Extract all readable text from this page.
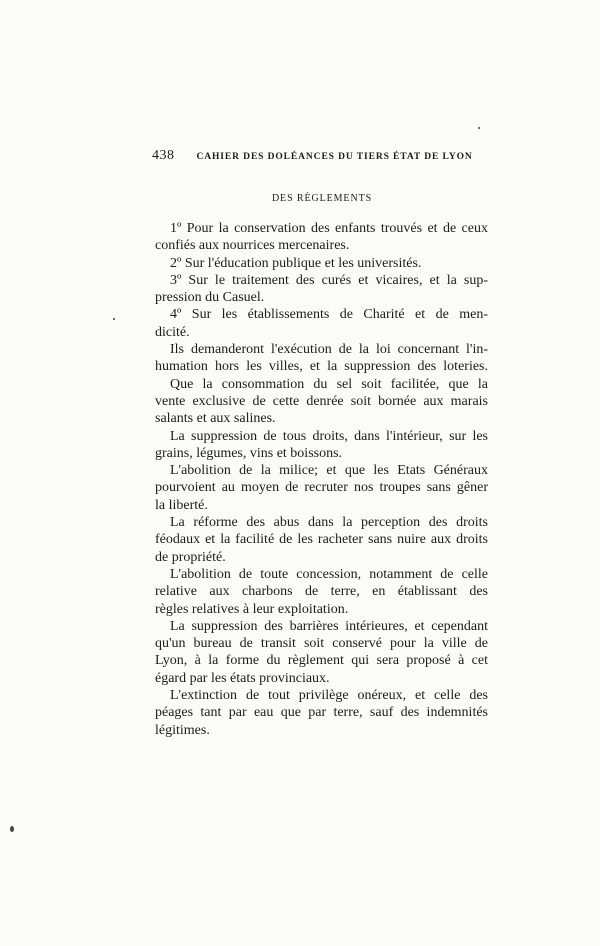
438 CAHIER DES DOLÉANCES DU TIERS ÉTAT DE LYON
DES RÈGLEMENTS
1º Pour la conservation des enfants trouvés et de ceux
confiés aux nourrices mercenaires.
2º Sur l'éducation publique et les universités.
3º Sur le traitement des curés et vicaires, et la sup-
pression du Casuel.
4º Sur les établissements de Charité et de men-
dicité.
Ils demanderont l'exécution de la loi concernant l'in-
humation hors les villes, et la suppression des loteries.
Que la consommation du sel soit facilitée, que la
vente exclusive de cette denrée soit bornée aux marais
salants et aux salines.
La suppression de tous droits, dans l'intérieur, sur les
grains, légumes, vins et boissons.
L'abolition de la milice; et que les Etats Généraux
pourvoient au moyen de recruter nos troupes sans gêner
la liberté.
La réforme des abus dans la perception des droits
féodaux et la facilité de les racheter sans nuire aux droits
de propriété.
L'abolition de toute concession, notamment de celle
relative aux charbons de terre, en établissant des
règles relatives à leur exploitation.
La suppression des barrières intérieures, et cependant
qu'un bureau de transit soit conservé pour la ville de
Lyon, à la forme du règlement qui sera proposé à cet
égard par les états provinciaux.
L'extinction de tout privilège onéreux, et celle des
péages tant par eau que par terre, sauf des indemnités
légitimes.
